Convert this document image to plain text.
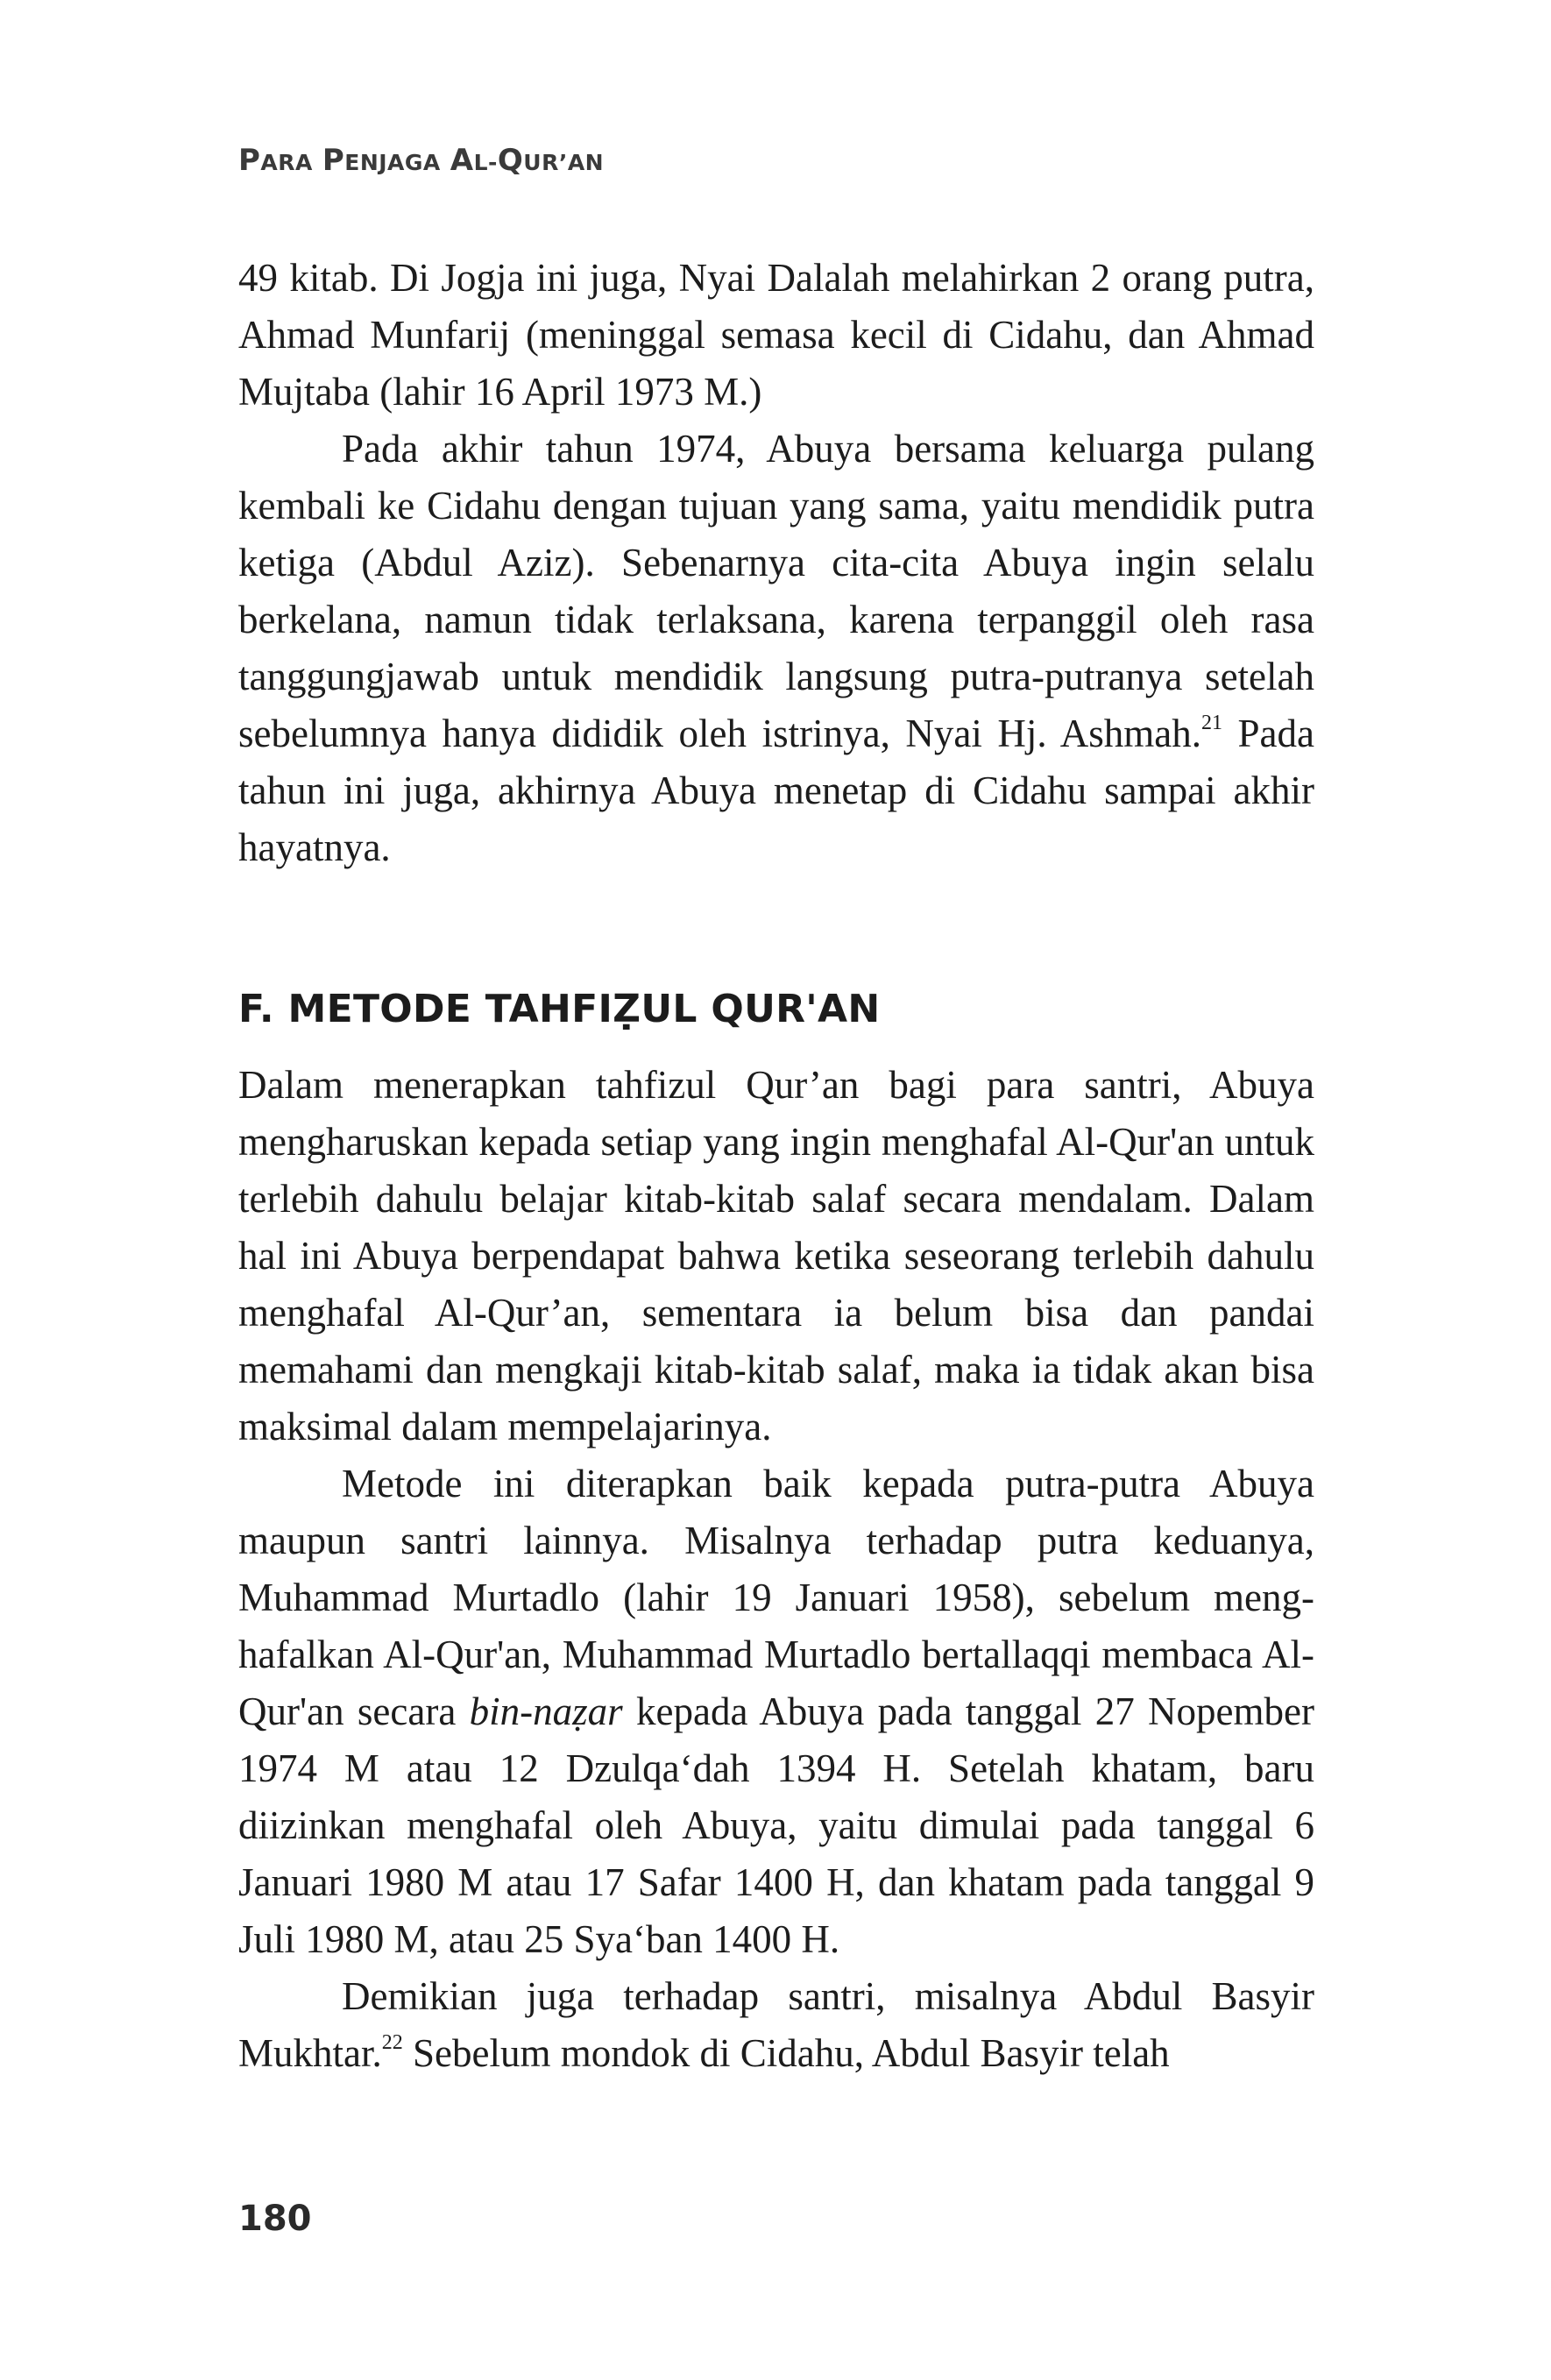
PARA PENJAGA AL-QUR’AN

49 kitab. Di Jogja ini juga, Nyai Dalalah melahirkan 2 orang putra, Ahmad Munfarij (meninggal semasa kecil di Cidahu, dan Ahmad Mujtaba (lahir 16 April 1973 M.)

Pada akhir tahun 1974, Abuya bersama keluarga pulang kembali ke Cidahu dengan tujuan yang sama, yaitu mendidik putra ketiga (Abdul Aziz). Sebenarnya cita-cita Abuya ingin selalu berkelana, namun tidak terlaksana, karena terpanggil oleh rasa tanggungjawab untuk mendidik langsung putra-putranya setelah sebelumnya hanya dididik oleh istrinya, Nyai Hj. Ashmah.$^{21}$ Pada tahun ini juga, akhirnya Abuya menetap di Cidahu sampai akhir hayatnya.

F. METODE TAHFIẒUL QUR'AN

Dalam menerapkan tahfizul Qur’an bagi para santri, Abuya mengharuskan kepada setiap yang ingin menghafal Al-Qur'an untuk terlebih dahulu belajar kitab-kitab salaf secara mendalam. Dalam hal ini Abuya berpendapat bahwa ketika seseorang terlebih dahulu menghafal Al-Qur’an, sementara ia belum bisa dan pandai memahami dan mengkaji kitab-kitab salaf, maka ia tidak akan bisa maksimal dalam mempelajarinya.

Metode ini diterapkan baik kepada putra-putra Abuya maupun santri lainnya. Misalnya terhadap putra keduanya, Muhammad Murtadlo (lahir 19 Januari 1958), sebelum menghafalkan Al-Qur'an, Muhammad Murtadlo bertallaqqi membaca Al-Qur'an secara bin-naẓar kepada Abuya pada tanggal 27 Nopember 1974 M atau 12 Dzulqa‘dah 1394 H. Setelah khatam, baru diizinkan menghafal oleh Abuya, yaitu dimulai pada tanggal 6 Januari 1980 M atau 17 Safar 1400 H, dan khatam pada tanggal 9 Juli 1980 M, atau 25 Sya‘ban 1400 H.

Demikian juga terhadap santri, misalnya Abdul Basyir Mukhtar.$^{22}$ Sebelum mondok di Cidahu, Abdul Basyir telah

180
